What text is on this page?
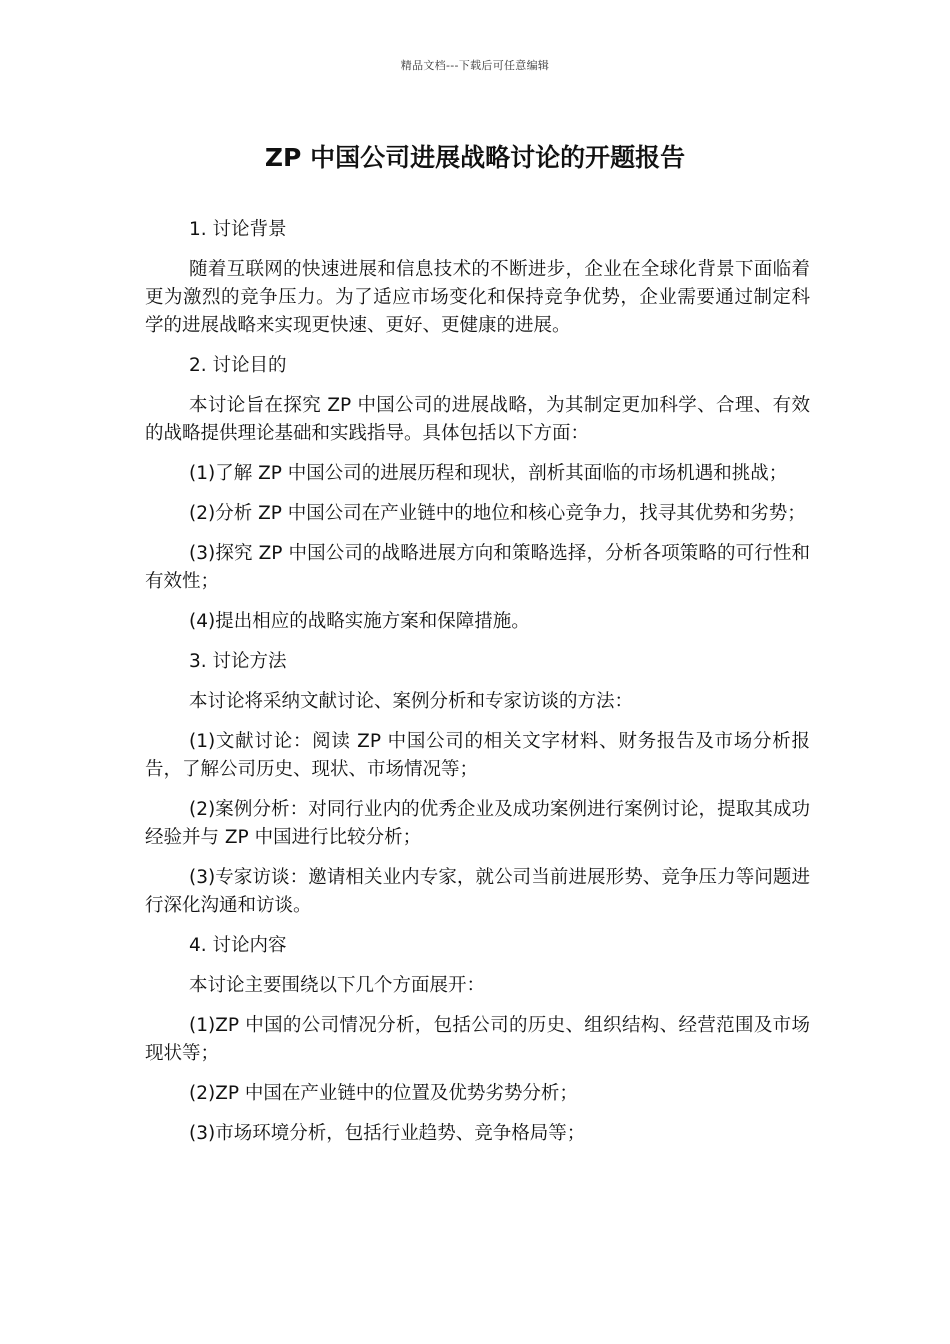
精品文档---下载后可任意编辑
ZP 中国公司进展战略讨论的开题报告

1. 讨论背景

随着互联网的快速进展和信息技术的不断进步，企业在全球化背景下面临着更为激烈的竞争压力。为了适应市场变化和保持竞争优势，企业需要通过制定科学的进展战略来实现更快速、更好、更健康的进展。

2. 讨论目的

本讨论旨在探究 ZP 中国公司的进展战略，为其制定更加科学、合理、有效的战略提供理论基础和实践指导。具体包括以下方面：

(1)了解 ZP 中国公司的进展历程和现状，剖析其面临的市场机遇和挑战；

(2)分析 ZP 中国公司在产业链中的地位和核心竞争力，找寻其优势和劣势；

(3)探究 ZP 中国公司的战略进展方向和策略选择，分析各项策略的可行性和有效性；

(4)提出相应的战略实施方案和保障措施。

3. 讨论方法

本讨论将采纳文献讨论、案例分析和专家访谈的方法：

(1)文献讨论：阅读 ZP 中国公司的相关文字材料、财务报告及市场分析报告，了解公司历史、现状、市场情况等；

(2)案例分析：对同行业内的优秀企业及成功案例进行案例讨论，提取其成功经验并与 ZP 中国进行比较分析；

(3)专家访谈：邀请相关业内专家，就公司当前进展形势、竞争压力等问题进行深化沟通和访谈。

4. 讨论内容

本讨论主要围绕以下几个方面展开：

(1)ZP 中国的公司情况分析，包括公司的历史、组织结构、经营范围及市场现状等；

(2)ZP 中国在产业链中的位置及优势劣势分析；

(3)市场环境分析，包括行业趋势、竞争格局等；
